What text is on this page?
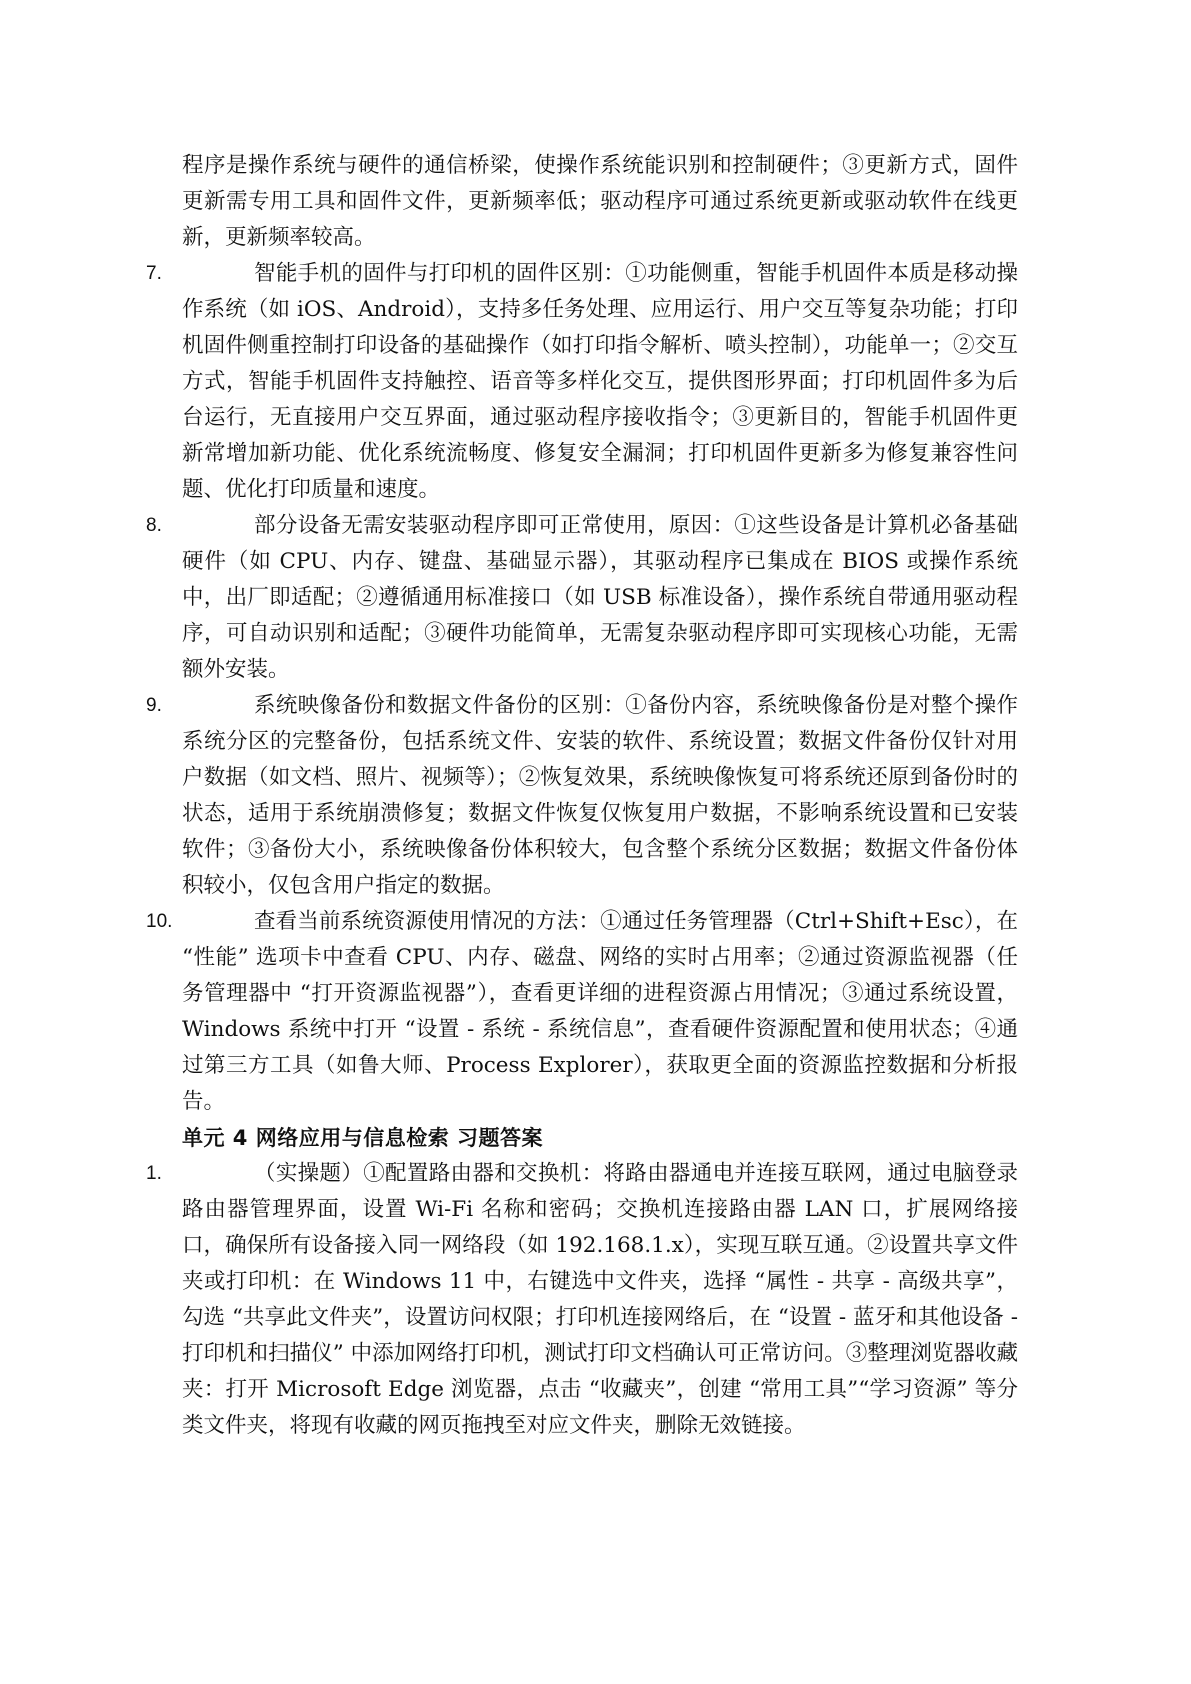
程序是操作系统与硬件的通信桥梁，使操作系统能识别和控制硬件；③更新方式，固件更新需专用工具和固件文件，更新频率低；驱动程序可通过系统更新或驱动软件在线更新，更新频率较高。

7.	智能手机的固件与打印机的固件区别：①功能侧重，智能手机固件本质是移动操作系统（如 iOS、Android），支持多任务处理、应用运行、用户交互等复杂功能；打印机固件侧重控制打印设备的基础操作（如打印指令解析、喷头控制），功能单一；②交互方式，智能手机固件支持触控、语音等多样化交互，提供图形界面；打印机固件多为后台运行，无直接用户交互界面，通过驱动程序接收指令；③更新目的，智能手机固件更新常增加新功能、优化系统流畅度、修复安全漏洞；打印机固件更新多为修复兼容性问题、优化打印质量和速度。
8.	部分设备无需安装驱动程序即可正常使用，原因：①这些设备是计算机必备基础硬件（如 CPU、内存、键盘、基础显示器），其驱动程序已集成在 BIOS 或操作系统中，出厂即适配；②遵循通用标准接口（如 USB 标准设备），操作系统自带通用驱动程序，可自动识别和适配；③硬件功能简单，无需复杂驱动程序即可实现核心功能，无需额外安装。
9.	系统映像备份和数据文件备份的区别：①备份内容，系统映像备份是对整个操作系统分区的完整备份，包括系统文件、安装的软件、系统设置；数据文件备份仅针对用户数据（如文档、照片、视频等）；②恢复效果，系统映像恢复可将系统还原到备份时的状态，适用于系统崩溃修复；数据文件恢复仅恢复用户数据，不影响系统设置和已安装软件；③备份大小，系统映像备份体积较大，包含整个系统分区数据；数据文件备份体积较小，仅包含用户指定的数据。
10.	查看当前系统资源使用情况的方法：①通过任务管理器（Ctrl+Shift+Esc），在 “性能” 选项卡中查看 CPU、内存、磁盘、网络的实时占用率；②通过资源监视器（任务管理器中 “打开资源监视器”），查看更详细的进程资源占用情况；③通过系统设置，Windows 系统中打开 “设置 - 系统 - 系统信息”，查看硬件资源配置和使用状态；④通过第三方工具（如鲁大师、Process Explorer），获取更全面的资源监控数据和分析报告。
单元 4 网络应用与信息检索 习题答案
1.	（实操题）①配置路由器和交换机：将路由器通电并连接互联网，通过电脑登录路由器管理界面，设置 Wi-Fi 名称和密码；交换机连接路由器 LAN 口，扩展网络接口，确保所有设备接入同一网络段（如 192.168.1.x），实现互联互通。②设置共享文件夹或打印机：在 Windows 11 中，右键选中文件夹，选择 “属性 - 共享 - 高级共享”，勾选 “共享此文件夹”，设置访问权限；打印机连接网络后，在 “设置 - 蓝牙和其他设备 - 打印机和扫描仪” 中添加网络打印机，测试打印文档确认可正常访问。③整理浏览器收藏夹：打开 Microsoft Edge 浏览器，点击 “收藏夹”，创建 “常用工具”“学习资源” 等分类文件夹，将现有收藏的网页拖拽至对应文件夹，删除无效链接。
